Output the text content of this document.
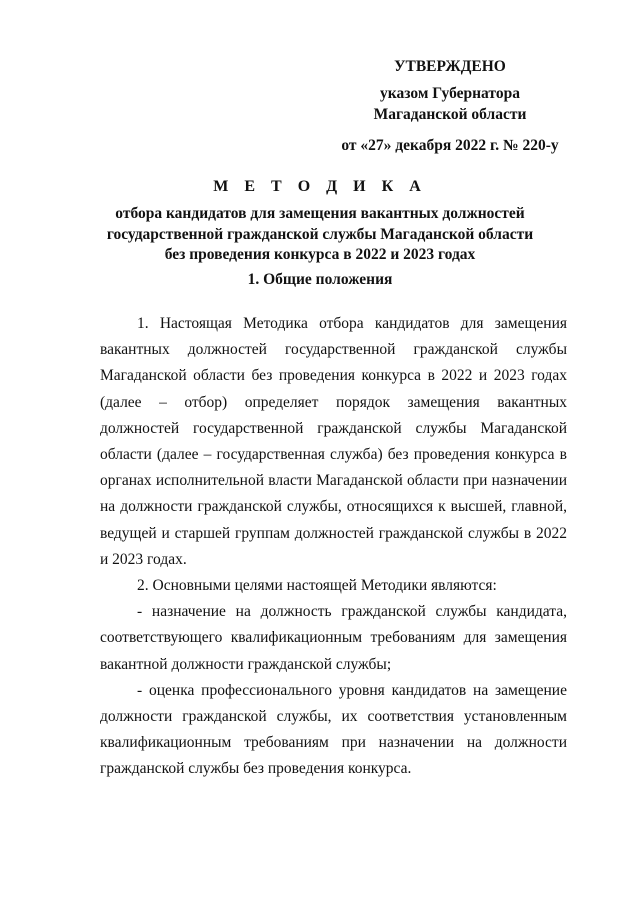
УТВЕРЖДЕНО
указом Губернатора
Магаданской области
от «27» декабря 2022 г. № 220-у
М Е Т О Д И К А
отбора кандидатов для замещения вакантных должностей
государственной гражданской службы Магаданской области
без проведения конкурса в 2022 и 2023 годах
1. Общие положения

1. Настоящая Методика отбора кандидатов для замещения вакантных должностей государственной гражданской службы Магаданской области без проведения конкурса в 2022 и 2023 годах (далее – отбор) определяет порядок замещения вакантных должностей государственной гражданской службы Магаданской области (далее – государственная служба) без проведения конкурса в органах исполнительной власти Магаданской области при назначении на должности гражданской службы, относящихся к высшей, главной, ведущей и старшей группам должностей гражданской службы в 2022 и 2023 годах.

2. Основными целями настоящей Методики являются:

- назначение на должность гражданской службы кандидата, соответствующего квалификационным требованиям для замещения вакантной должности гражданской службы;

- оценка профессионального уровня кандидатов на замещение должности гражданской службы, их соответствия установленным квалификационным требованиям при назначении на должности гражданской службы без проведения конкурса.
